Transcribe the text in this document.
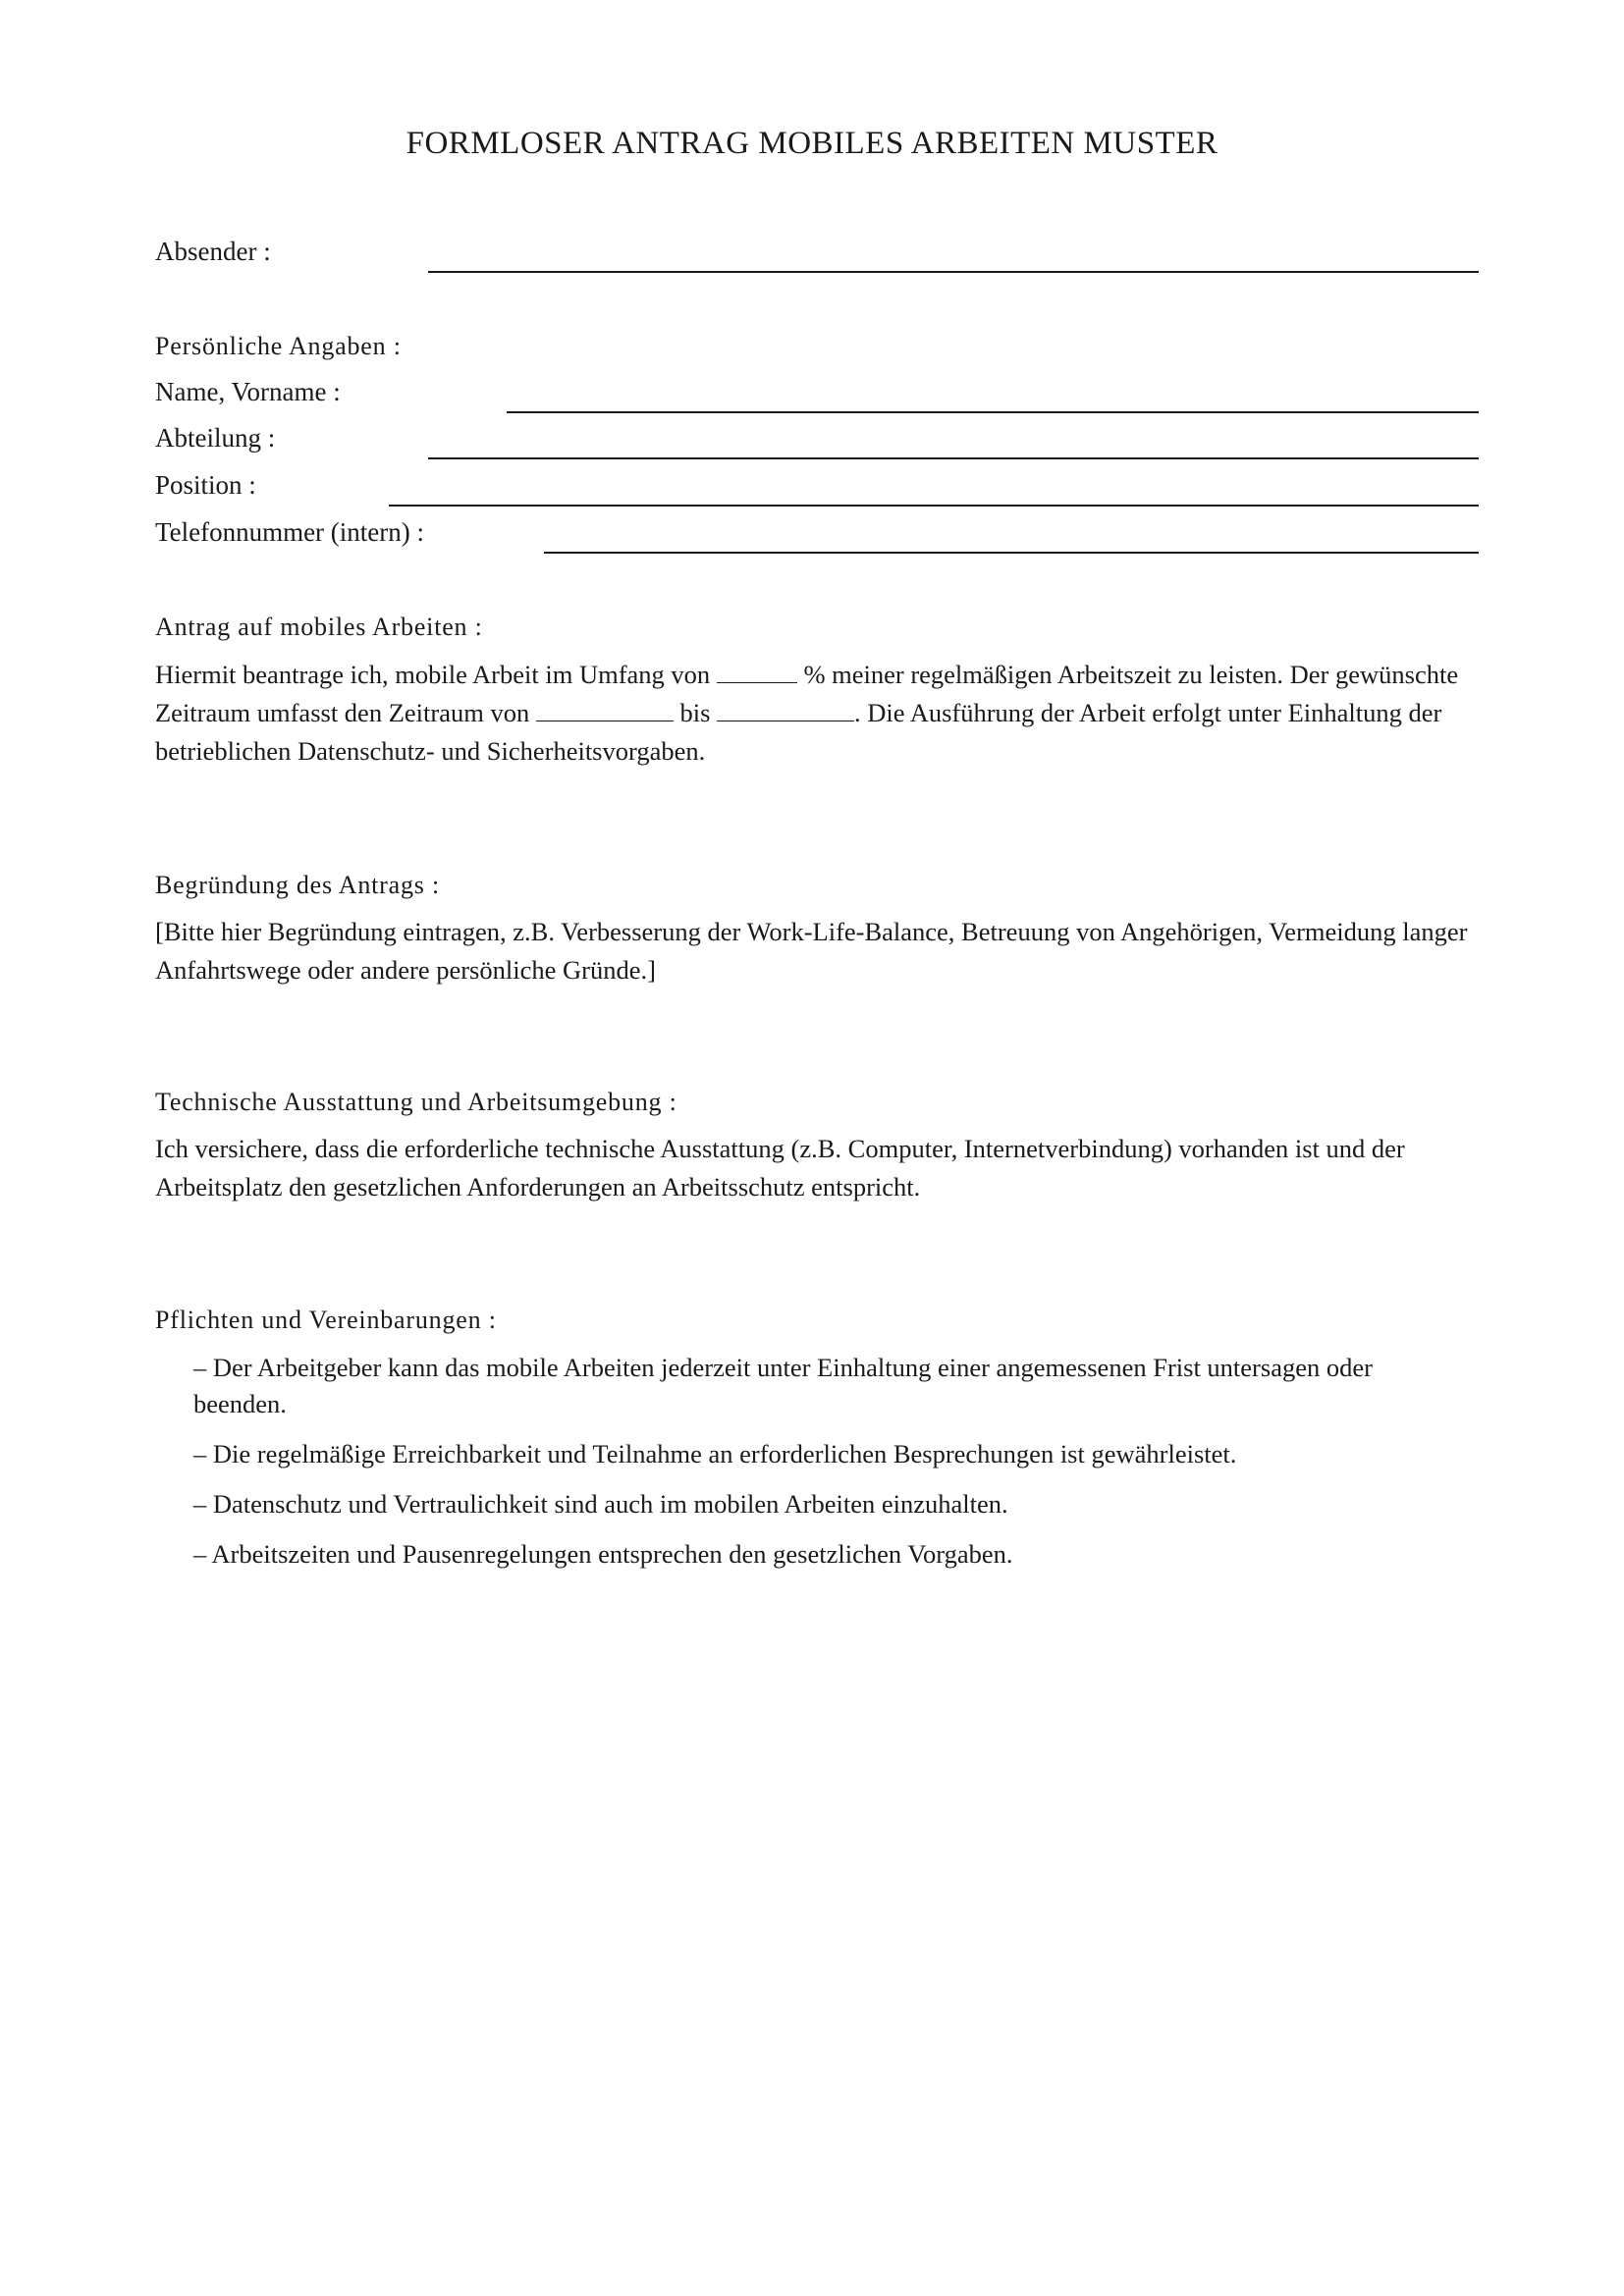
FORMLOSER ANTRAG MOBILES ARBEITEN MUSTER
Absender :
Persönliche Angaben :
Name, Vorname :
Abteilung :
Position :
Telefonnummer (intern) :
Antrag auf mobiles Arbeiten :
Hiermit beantrage ich, mobile Arbeit im Umfang von	% meiner regelmäßigen Arbeitszeit zu leisten. Der gewünschte Zeitraum umfasst den Zeitraum von	bis	. Die Ausführung der Arbeit erfolgt unter Einhaltung der betrieblichen Datenschutz- und Sicherheitsvorgaben.
Begründung des Antrags :
[Bitte hier Begründung eintragen, z.B. Verbesserung der Work-Life-Balance, Betreuung von Angehörigen, Vermeidung langer Anfahrtswege oder andere persönliche Gründe.]
Technische Ausstattung und Arbeitsumgebung :
Ich versichere, dass die erforderliche technische Ausstattung (z.B. Computer, Internetverbindung) vorhanden ist und der Arbeitsplatz den gesetzlichen Anforderungen an Arbeitsschutz entspricht.
Pflichten und Vereinbarungen :
– Der Arbeitgeber kann das mobile Arbeiten jederzeit unter Einhaltung einer angemessenen Frist untersagen oder beenden.
– Die regelmäßige Erreichbarkeit und Teilnahme an erforderlichen Besprechungen ist gewährleistet.
– Datenschutz und Vertraulichkeit sind auch im mobilen Arbeiten einzuhalten.
– Arbeitszeiten und Pausenregelungen entsprechen den gesetzlichen Vorgaben.
